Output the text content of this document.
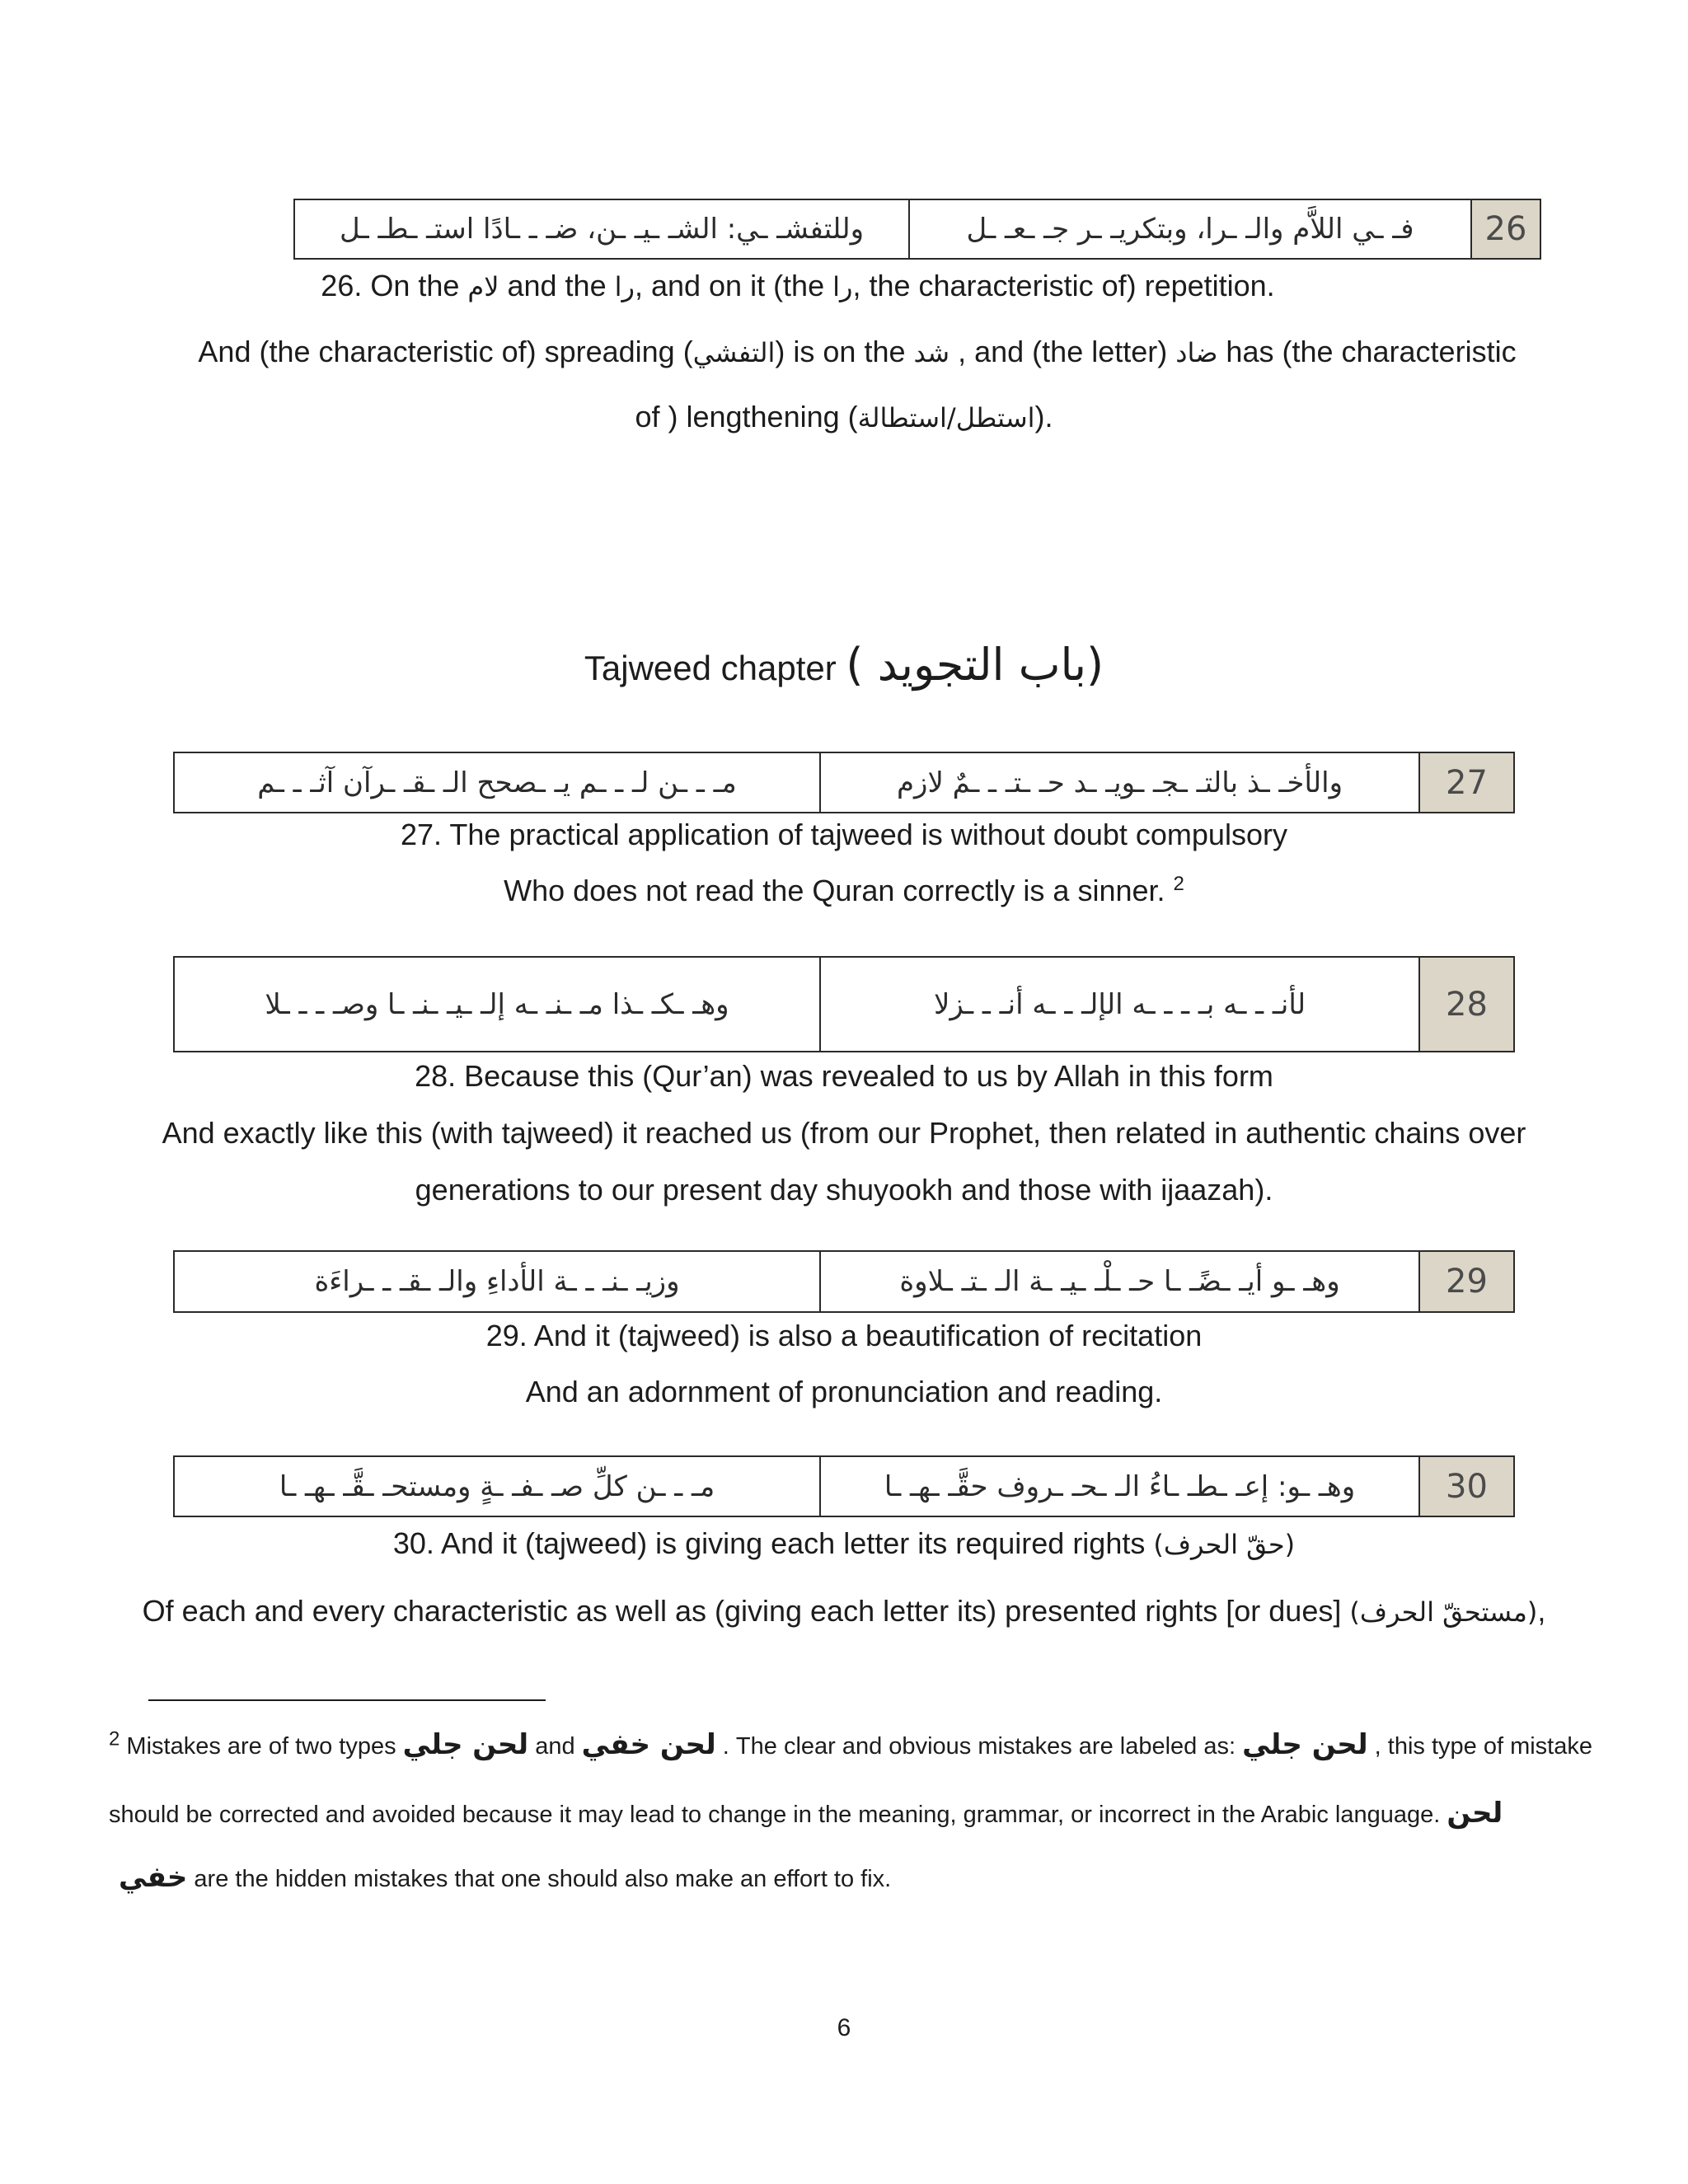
وللتفشـ ـي: الشـ ـيـ ـن، ضـ ـ ـادًا استـ ـطـ ـل	فـ ـي اللاَّم والـ ـرا، وبتكريـ ـر جـ ـعـ ـل	26
26. On the لام and the را, and on it (the را, the characteristic of) repetition.
And (the characteristic of) spreading (التفشي) is on the شد , and (the letter) ضاد has (the characteristic
of ) lengthening (استطل/استطالة).
Tajweed chapter (باب التجويد )
مـ ـ ـن لـ ـ ـم يـ ـصحح الـ ـقـ ـرآن آثـ ـ ـم	والأخـ ـذ بالتـ ـجـ ـويـ ـد حـ ـتـ ـ ـمٌ لازم	27
27. The practical application of tajweed is without doubt compulsory
Who does not read the Quran correctly is a sinner. $^2$
وهـ ـكـ ـذا مـ ـنـ ـه إلـ ـيـ ـنـ ـا وصـ ـ ـ ـلا	لأنـ ـ ـه بـ ـ ـ ـه الإلـ ـ ـه أنـ ـ ـزلا	28
28. Because this (Qur’an) was revealed to us by Allah in this form
And exactly like this (with tajweed) it reached us (from our Prophet, then related in authentic chains over
generations to our present day shuyookh and those with ijaazah).
وزيـ ـنـ ـ ـة الأداءِ والـ ـقـ ـ ـراءَة	وهـ ـو أيـ ـضًـ ـا حـ ـلْـ ـيـ ـة الـ ـتـ ـلاوة	29
29. And it (tajweed) is also a beautification of recitation
And an adornment of pronunciation and reading.
مـ ـ ـن كلِّ صـ ـفـ ـةٍ ومستحـ ـقَّـ ـهـ ـا	وهـ ـو: إعـ ـطـ ـاءُ الـ ـحـ ـروف حقَّـ ـهـ ـا	30
30. And it (tajweed) is giving each letter its required rights (حقّ الحرف)
Of each and every characteristic as well as (giving each letter its) presented rights [or dues] (مستحقّ الحرف),
$^2$ Mistakes are of two types لحن جلي and لحن خفي . The clear and obvious mistakes are labeled as: لحن جلي , this type of mistake
should be corrected and avoided because it may lead to change in the meaning, grammar, or incorrect in the Arabic language. لحن
خفي are the hidden mistakes that one should also make an effort to fix.
6
